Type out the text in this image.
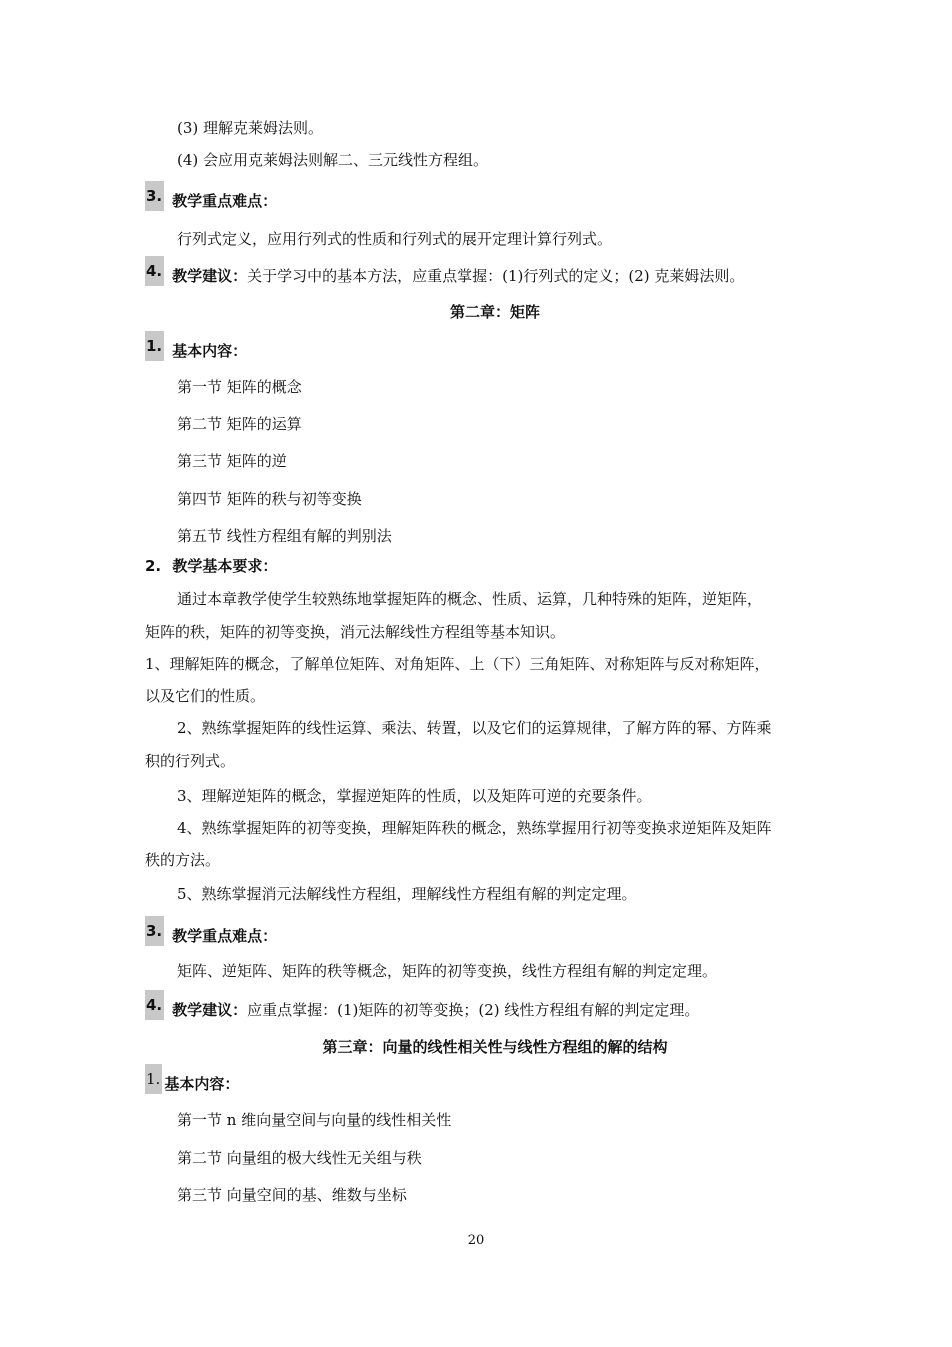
(3) 理解克莱姆法则。
(4) 会应用克莱姆法则解二、三元线性方程组。
3. 教学重点难点：
行列式定义，应用行列式的性质和行列式的展开定理计算行列式。
4. 教学建议：关于学习中的基本方法，应重点掌握：(1)行列式的定义；(2) 克莱姆法则。
第二章：矩阵
1. 基本内容：
第一节 矩阵的概念
第二节 矩阵的运算
第三节 矩阵的逆
第四节 矩阵的秩与初等变换
第五节 线性方程组有解的判别法
2. 教学基本要求：
通过本章教学使学生较熟练地掌握矩阵的概念、性质、运算，几种特殊的矩阵，逆矩阵，
矩阵的秩，矩阵的初等变换，消元法解线性方程组等基本知识。
1、理解矩阵的概念，了解单位矩阵、对角矩阵、上（下）三角矩阵、对称矩阵与反对称矩阵，
以及它们的性质。
2、熟练掌握矩阵的线性运算、乘法、转置，以及它们的运算规律，了解方阵的幂、方阵乘
积的行列式。
3、理解逆矩阵的概念，掌握逆矩阵的性质，以及矩阵可逆的充要条件。
4、熟练掌握矩阵的初等变换，理解矩阵秩的概念，熟练掌握用行初等变换求逆矩阵及矩阵
秩的方法。
5、熟练掌握消元法解线性方程组，理解线性方程组有解的判定定理。
3. 教学重点难点：
矩阵、逆矩阵、矩阵的秩等概念，矩阵的初等变换，线性方程组有解的判定定理。
4. 教学建议：应重点掌握：(1)矩阵的初等变换；(2) 线性方程组有解的判定定理。
第三章：向量的线性相关性与线性方程组的解的结构
1. 基本内容：
第一节 n 维向量空间与向量的线性相关性
第二节 向量组的极大线性无关组与秩
第三节 向量空间的基、维数与坐标
20
